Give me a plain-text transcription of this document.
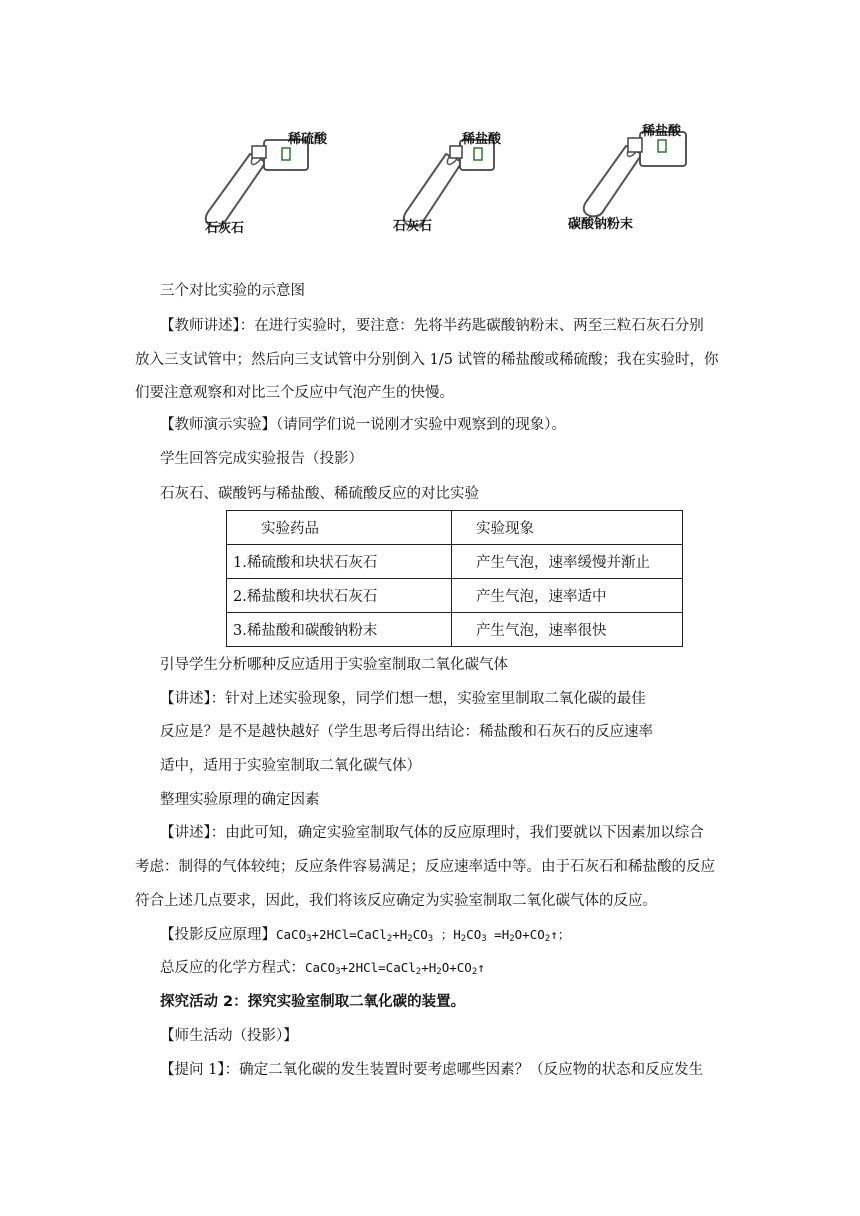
稀硫酸
石灰石
稀盐酸
石灰石
稀盐酸
碳酸钠粉末
三个对比实验的示意图
【教师讲述】：在进行实验时，要注意：先将半药匙碳酸钠粉末、两至三粒石灰石分别
放入三支试管中；然后向三支试管中分别倒入 1/5 试管的稀盐酸或稀硫酸；我在实验时，你
们要注意观察和对比三个反应中气泡产生的快慢。
【教师演示实验】（请同学们说一说刚才实验中观察到的现象）。
学生回答完成实验报告（投影）
石灰石、碳酸钙与稀盐酸、稀硫酸反应的对比实验
实验药品	实验现象
1.稀硫酸和块状石灰石	产生气泡，速率缓慢并渐止
2.稀盐酸和块状石灰石	产生气泡，速率适中
3.稀盐酸和碳酸钠粉末	产生气泡，速率很快
引导学生分析哪种反应适用于实验室制取二氧化碳气体
【讲述】：针对上述实验现象，同学们想一想，实验室里制取二氧化碳的最佳
反应是？是不是越快越好（学生思考后得出结论：稀盐酸和石灰石的反应速率
适中，适用于实验室制取二氧化碳气体）
整理实验原理的确定因素
【讲述】：由此可知，确定实验室制取气体的反应原理时，我们要就以下因素加以综合
考虑：制得的气体较纯；反应条件容易满足；反应速率适中等。由于石灰石和稀盐酸的反应
符合上述几点要求，因此，我们将该反应确定为实验室制取二氧化碳气体的反应。
【投影反应原理】$CaCO_3+2HCl=CaCl_2+H_2CO_3$ ；$H_2CO_3$ $=H_2O+CO_2↑$；
总反应的化学方程式：$CaCO_3+2HCl=CaCl_2+H_2O+CO_2↑$
探究活动 2：探究实验室制取二氧化碳的装置。
【师生活动（投影）】
【提问 1】：确定二氧化碳的发生装置时要考虑哪些因素？（反应物的状态和反应发生
